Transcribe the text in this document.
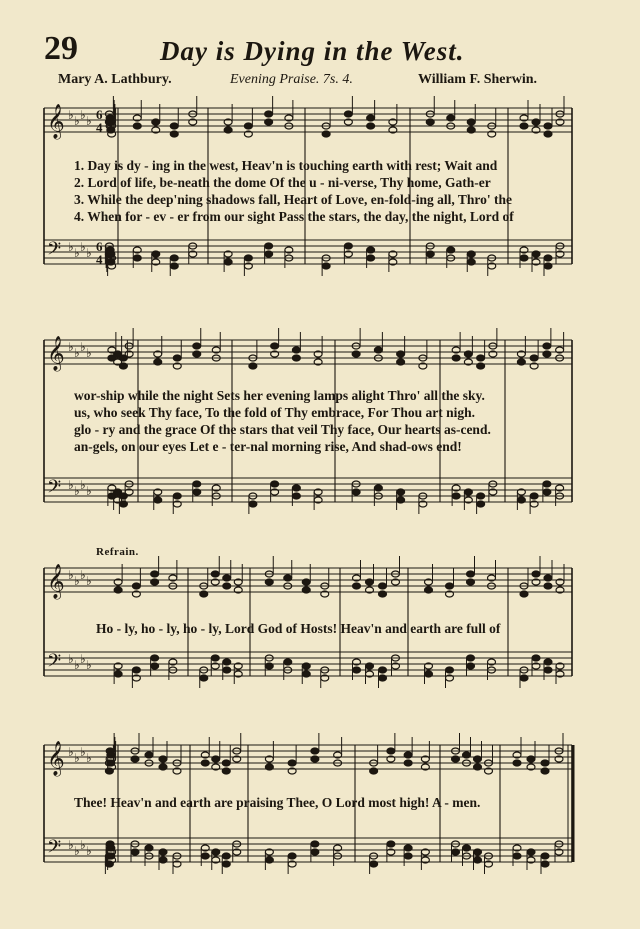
29	Day is Dying in the West.
Mary A. Lathbury.	Evening Praise. 7s. 4.	William F. Sherwin.
𝄞 ♭ ♭ ♭ ♭
𝄢 ♭ ♭ ♭ ♭
6
4
6
4
𝄞 ♭ ♭ ♭ ♭
𝄢 ♭ ♭ ♭ ♭
𝄞 ♭ ♭ ♭ ♭
𝄢 ♭ ♭ ♭ ♭
𝄞 ♭ ♭ ♭ ♭
𝄢 ♭ ♭ ♭ ♭
1. Day is dy - ing in the west, Heav'n is touching earth with rest; Wait and
2. Lord of life, be-neath the dome Of the u - ni-verse, Thy home, Gath-er
3. While the deep'ning shadows fall, Heart of Love, en-fold-ing all, Thro' the
4. When for - ev - er from our sight Pass the stars, the day, the night, Lord of
wor-ship while the night Sets her evening lamps alight Thro' all the sky.
us, who seek Thy face, To the fold of Thy embrace, For Thou art nigh.
glo - ry and the grace Of the stars that veil Thy face, Our hearts as-cend.
an-gels, on our eyes Let e - ter-nal morning rise, And shad-ows end!
Refrain.
Ho - ly, ho - ly, ho - ly, Lord God of Hosts! Heav'n and earth are full of
Thee! Heav'n and earth are praising Thee, O Lord most high! A - men.
